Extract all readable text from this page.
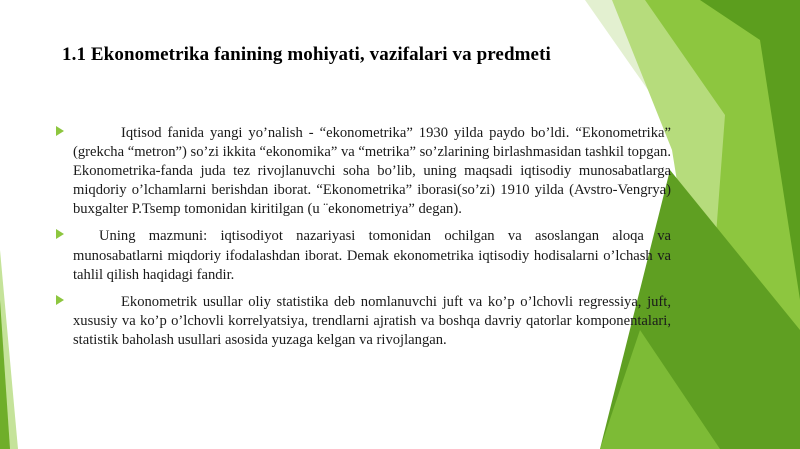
1.1 Ekonometrika fanining mohiyati, vazifalari va predmeti

Iqtisod fanida yangi yo’nalish - “ekonometrika” 1930 yilda paydo bo’ldi. “Ekonometrika” (grekcha “metron”) so’zi ikkita “ekonomika” va “metrika” so’zlarining birlashmasidan tashkil topgan. Ekonometrika-fanda juda tez rivojlanuvchi soha bo’lib, uning maqsadi iqtisodiy munosabatlarga miqdoriy o’lchamlarni berishdan iborat. “Ekonometrika” iborasi(so’zi) 1910 yilda (Avstro-Vengrya) buxgalter P.Tsemp tomonidan kiritilgan (u ¨ekonometriya” degan).

Uning mazmuni: iqtisodiyot nazariyasi tomonidan ochilgan va asoslangan aloqa va munosabatlarni miqdoriy ifodalashdan iborat. Demak ekonometrika iqtisodiy hodisalarni o’lchash va tahlil qilish haqidagi fandir.

Ekonometrik usullar oliy statistika deb nomlanuvchi juft va ko’p o’lchovli regressiya, juft, xususiy va ko’p o’lchovli korrelyatsiya, trendlarni ajratish va boshqa davriy qatorlar komponentalari, statistik baholash usullari asosida yuzaga kelgan va rivojlangan.
